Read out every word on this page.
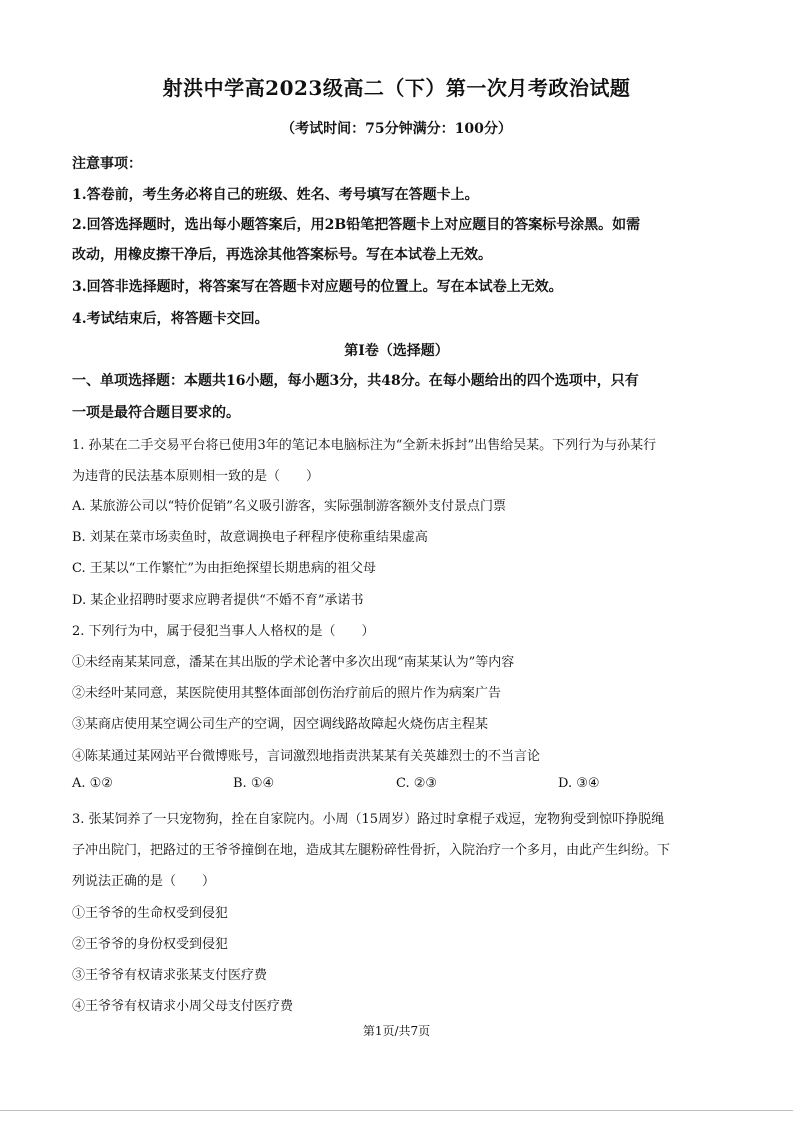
射洪中学高2023级高二（下）第一次月考政治试题
（考试时间：75分钟满分：100分）
注意事项：
1.答卷前，考生务必将自己的班级、姓名、考号填写在答题卡上。
2.回答选择题时，选出每小题答案后，用2B铅笔把答题卡上对应题目的答案标号涂黑。如需
改动，用橡皮擦干净后，再选涂其他答案标号。写在本试卷上无效。
3.回答非选择题时，将答案写在答题卡对应题号的位置上。写在本试卷上无效。
4.考试结束后，将答题卡交回。
第I卷（选择题）
一、单项选择题：本题共16小题，每小题3分，共48分。在每小题给出的四个选项中，只有
一项是最符合题目要求的。
1. 孙某在二手交易平台将已使用3年的笔记本电脑标注为“全新未拆封”出售给吴某。下列行为与孙某行
为违背的民法基本原则相一致的是（　　）
A. 某旅游公司以“特价促销”名义吸引游客，实际强制游客额外支付景点门票
B. 刘某在菜市场卖鱼时，故意调换电子秤程序使称重结果虚高
C. 王某以“工作繁忙”为由拒绝探望长期患病的祖父母
D. 某企业招聘时要求应聘者提供“不婚不育”承诺书
2. 下列行为中，属于侵犯当事人人格权的是（　　）
①未经南某某同意，潘某在其出版的学术论著中多次出现“南某某认为”等内容
②未经叶某同意，某医院使用其整体面部创伤治疗前后的照片作为病案广告
③某商店使用某空调公司生产的空调，因空调线路故障起火烧伤店主程某
④陈某通过某网站平台微博账号，言词激烈地指责洪某某有关英雄烈士的不当言论
A. ①②	B. ①④	C. ②③	D. ③④
3. 张某饲养了一只宠物狗，拴在自家院内。小周（15周岁）路过时拿棍子戏逗，宠物狗受到惊吓挣脱绳
子冲出院门，把路过的王爷爷撞倒在地，造成其左腿粉碎性骨折，入院治疗一个多月，由此产生纠纷。下
列说法正确的是（　　）
①王爷爷的生命权受到侵犯
②王爷爷的身份权受到侵犯
③王爷爷有权请求张某支付医疗费
④王爷爷有权请求小周父母支付医疗费
第1页/共7页
